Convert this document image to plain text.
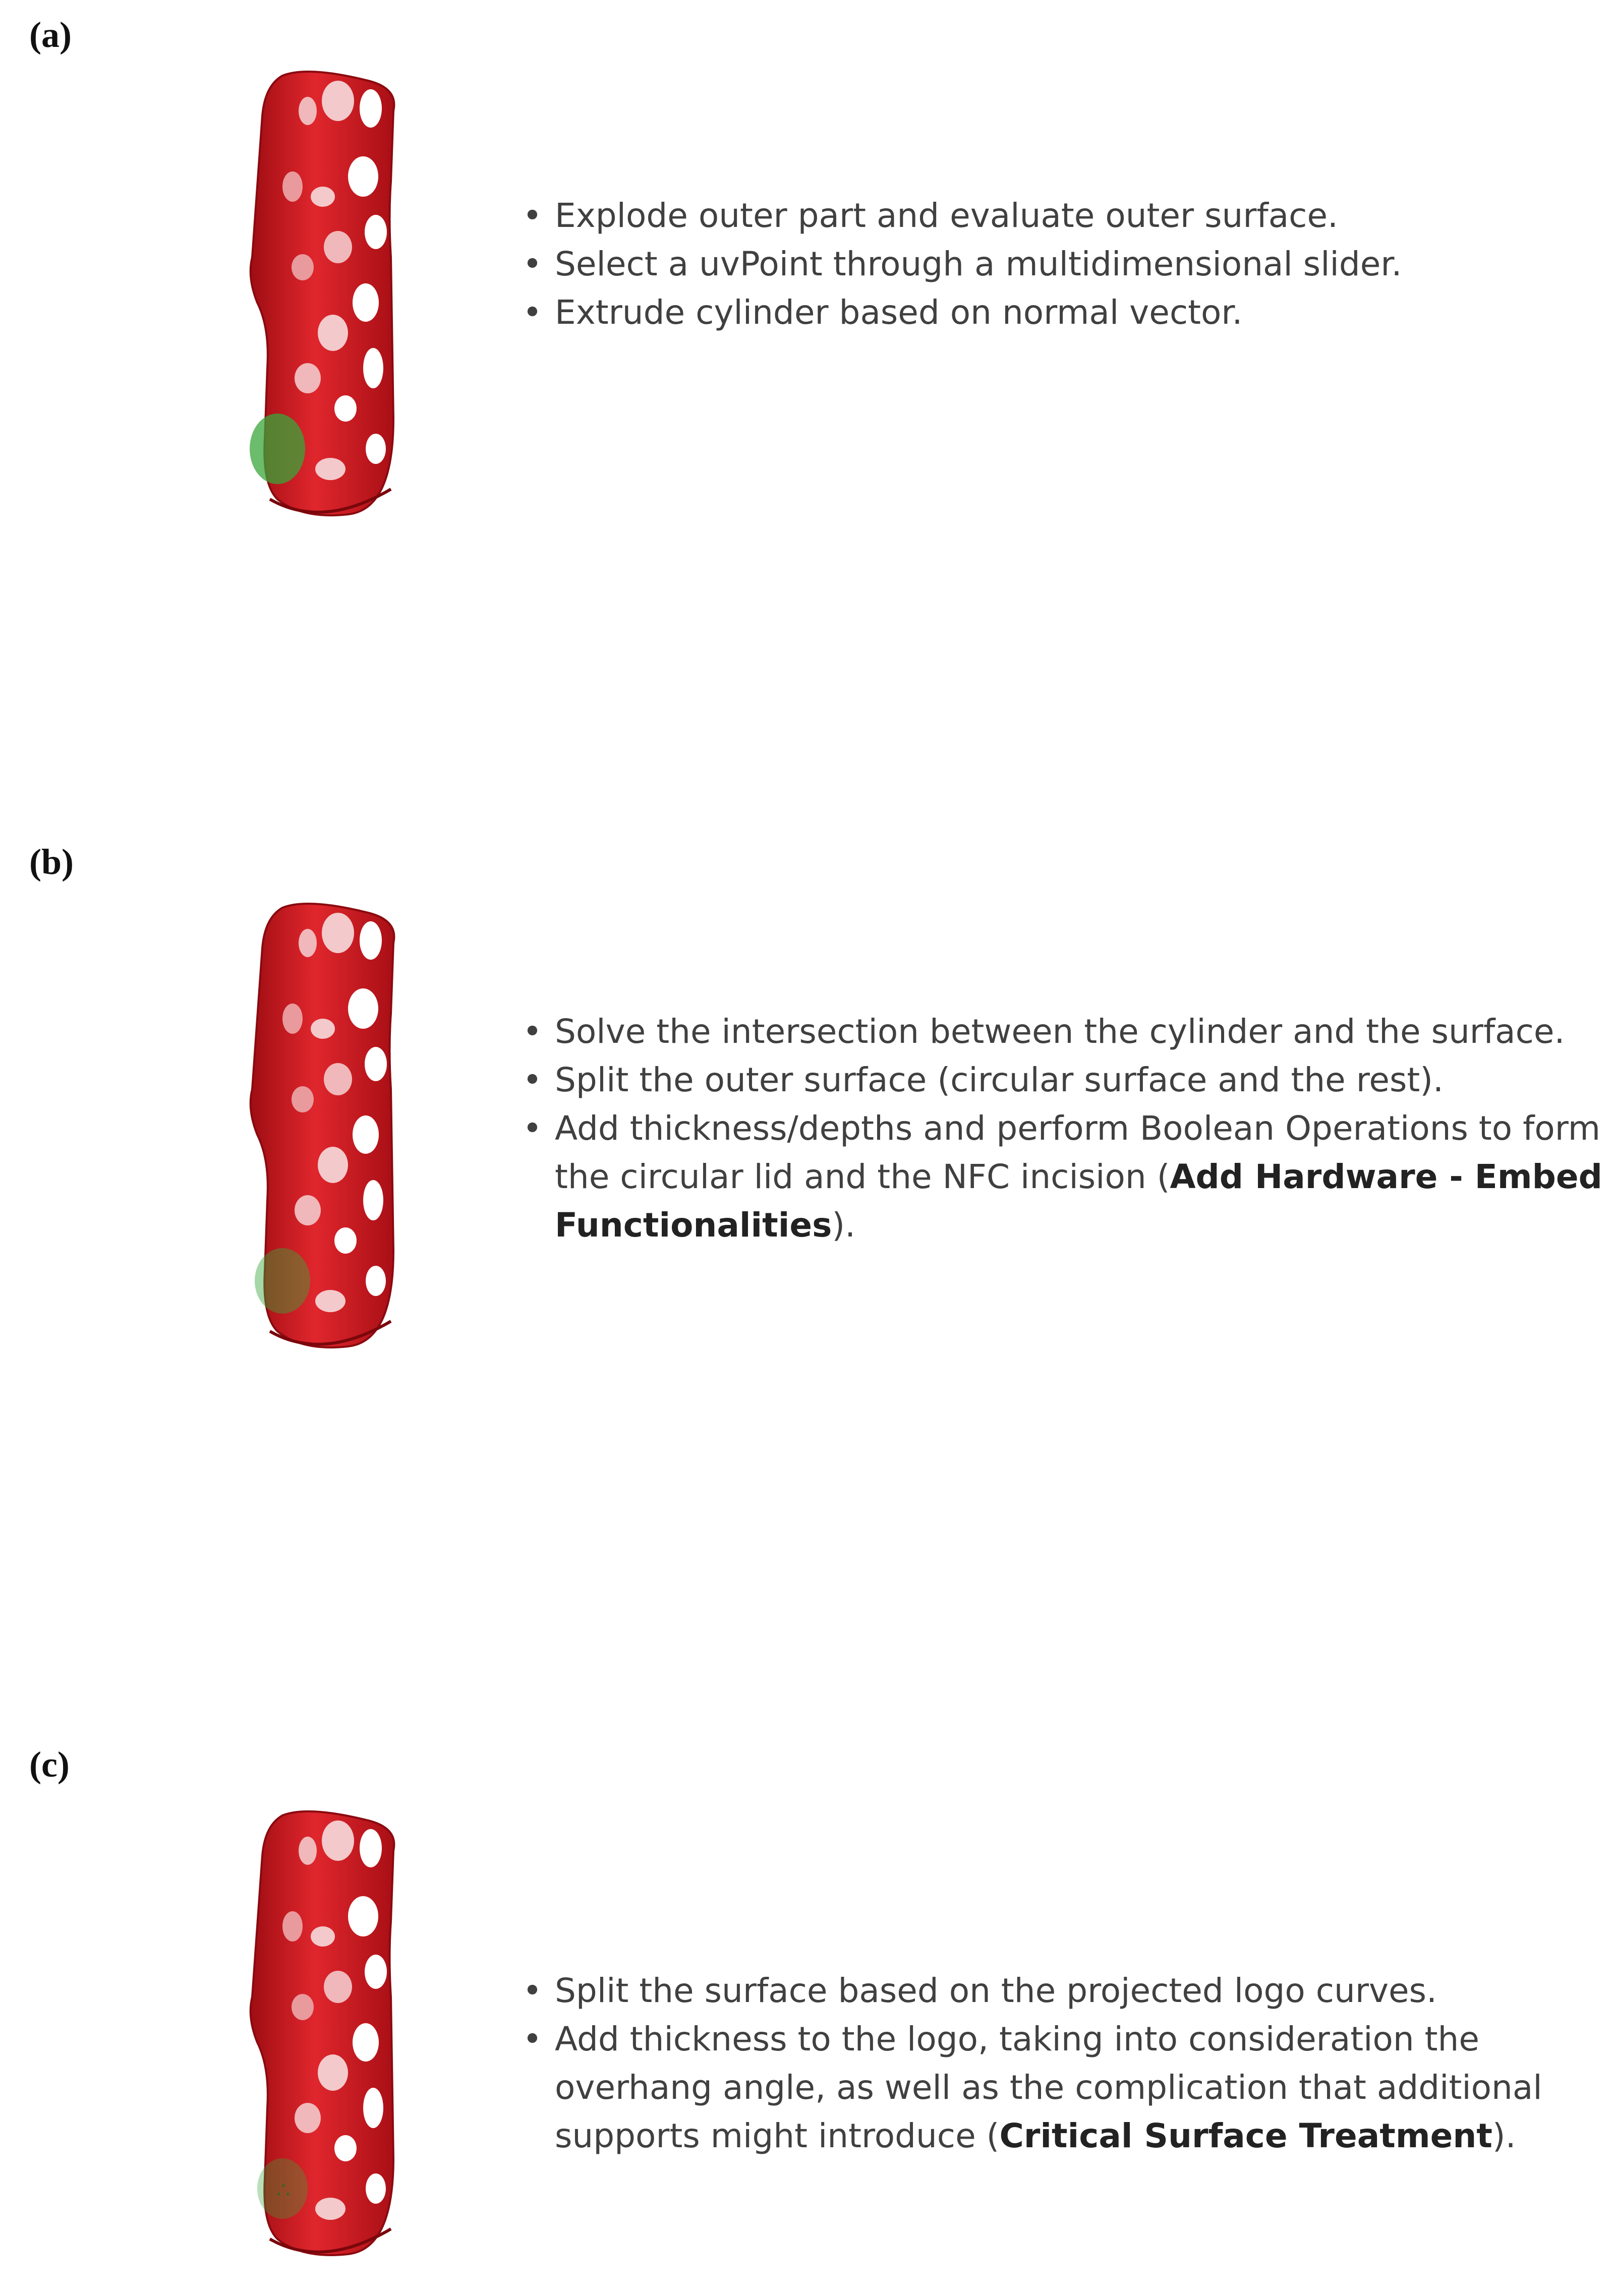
(a)
• Explode outer part and evaluate outer surface.
• Select a uvPoint through a multidimensional slider.
• Extrude cylinder based on normal vector.
(b)
• Solve the intersection between the cylinder and the surface.
• Split the outer surface (circular surface and the rest).
• Add thickness/depths and perform Boolean Operations to form
the circular lid and the NFC incision (Add Hardware - Embed
Functionalities).
(c)
∴
• Split the surface based on the projected logo curves.
• Add thickness to the logo, taking into consideration the
overhang angle, as well as the complication that additional
supports might introduce (Critical Surface Treatment).
